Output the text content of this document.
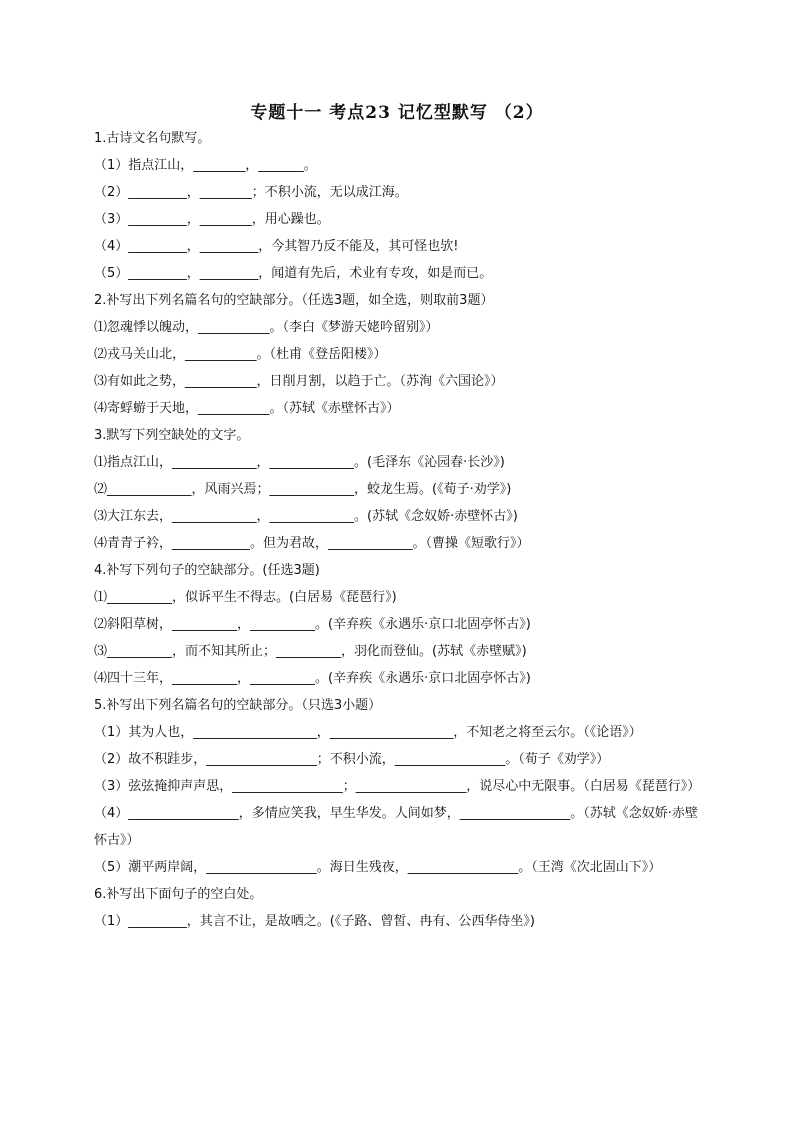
专题十一 考点23 记忆型默写 （2）
1.古诗文名句默写。
（1）指点江山，________，_______。
（2）_________，________；不积小流，无以成江海。
（3）_________，________，用心躁也。
（4）_________，_________，今其智乃反不能及，其可怪也欤!
（5）_________，_________，闻道有先后，术业有专攻，如是而已。
2.补写出下列名篇名句的空缺部分。（任选3题，如全选，则取前3题）
⑴忽魂悸以魄动，___________。（李白《梦游天姥吟留别》）
⑵戎马关山北，___________。（杜甫《登岳阳楼》）
⑶有如此之势，___________，日削月割，以趋于亡。（苏洵《六国论》）
⑷寄蜉蝣于天地，___________。（苏轼《赤壁怀古》）
3.默写下列空缺处的文字。
⑴指点江山，_____________，_____________。(毛泽东《沁园春·长沙》)
⑵_____________，风雨兴焉；_____________，蛟龙生焉。(《荀子·劝学》)
⑶大江东去，_____________，_____________。(苏轼《念奴娇·赤壁怀古》)
⑷青青子衿，____________。但为君故，_____________。（曹操《短歌行》）
4.补写下列句子的空缺部分。(任选3题)
⑴__________，似诉平生不得志。(白居易《琵琶行》)
⑵斜阳草树，__________，__________。(辛弃疾《永遇乐·京口北固亭怀古》)
⑶__________，而不知其所止；__________，羽化而登仙。(苏轼《赤壁赋》)
⑷四十三年，__________，__________。(辛弃疾《永遇乐·京口北固亭怀古》)
5.补写出下列名篇名句的空缺部分。（只选3小题）
（1）其为人也，___________________，___________________，不知老之将至云尔。（《论语》）
（2）故不积跬步，_________________；不积小流，_________________。（荀子《劝学》）
（3）弦弦掩抑声声思，_________________；_________________，说尽心中无限事。（白居易《琵琶行》）
（4）_________________，多情应笑我，早生华发。人间如梦，_________________。（苏轼《念奴娇·赤壁怀古》）
（5）潮平两岸阔，_________________。海日生残夜，_________________。（王湾《次北固山下》）
6.补写出下面句子的空白处。
（1）_________，其言不让，是故哂之。(《子路、曾皙、冉有、公西华侍坐》)
